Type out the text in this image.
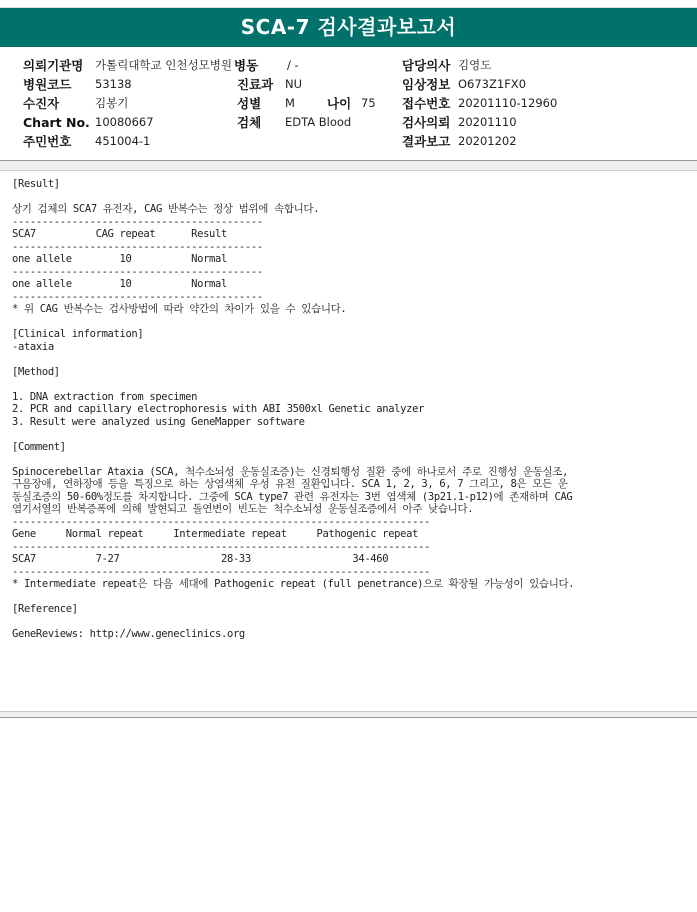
SCA-7 검사결과보고서
의뢰기관명 가톨릭대학교 인천성모병원 병동	/ -	담당의사 김영도
병원코드 53138	진료과 NU	임상정보 O673Z1FX0
수진자	김봉기	성별 M	나이 75 접수번호 20201110-12960
Chart No. 10080667	검체 EDTA Blood	검사의뢰 20201110
주민번호 451004-1	결과보고 20201202
[Result]
상기 검체의 SCA7 유전자, CAG 반복수는 정상 범위에 속합니다.
------------------------------------------
SCA7          CAG repeat      Result
------------------------------------------
one allele        10          Normal
------------------------------------------
one allele        10          Normal
------------------------------------------
* 위 CAG 반복수는 검사방법에 따라 약간의 차이가 있을 수 있습니다.
[Clinical information]
-ataxia
[Method]
1. DNA extraction from specimen
2. PCR and capillary electrophoresis with ABI 3500xl Genetic analyzer
3. Result were analyzed using GeneMapper software
[Comment]
Spinocerebellar Ataxia (SCA, 척수소뇌성 운동실조증)는 신경퇴행성 질환 중에 하나로서 주로 진행성 운동실조,
구음장애, 연하장애 등을 특징으로 하는 상염색체 우성 유전 질환입니다. SCA 1, 2, 3, 6, 7 그리고, 8은 모든 운
동실조증의 50-60%정도를 차지합니다. 그중에 SCA type7 관련 유전자는 3번 염색체 (3p21.1-p12)에 존재하며 CAG
염기서열의 반복증폭에 의해 발현되고 돌연변이 빈도는 척수소뇌성 운동실조증에서 아주 낮습니다.
----------------------------------------------------------------------
Gene     Normal repeat     Intermediate repeat     Pathogenic repeat
----------------------------------------------------------------------
SCA7          7-27                 28-33                 34-460
----------------------------------------------------------------------
* Intermediate repeat은 다음 세대에 Pathogenic repeat (full penetrance)으로 확장될 가능성이 있습니다.
[Reference]
GeneReviews: http://www.geneclinics.org
